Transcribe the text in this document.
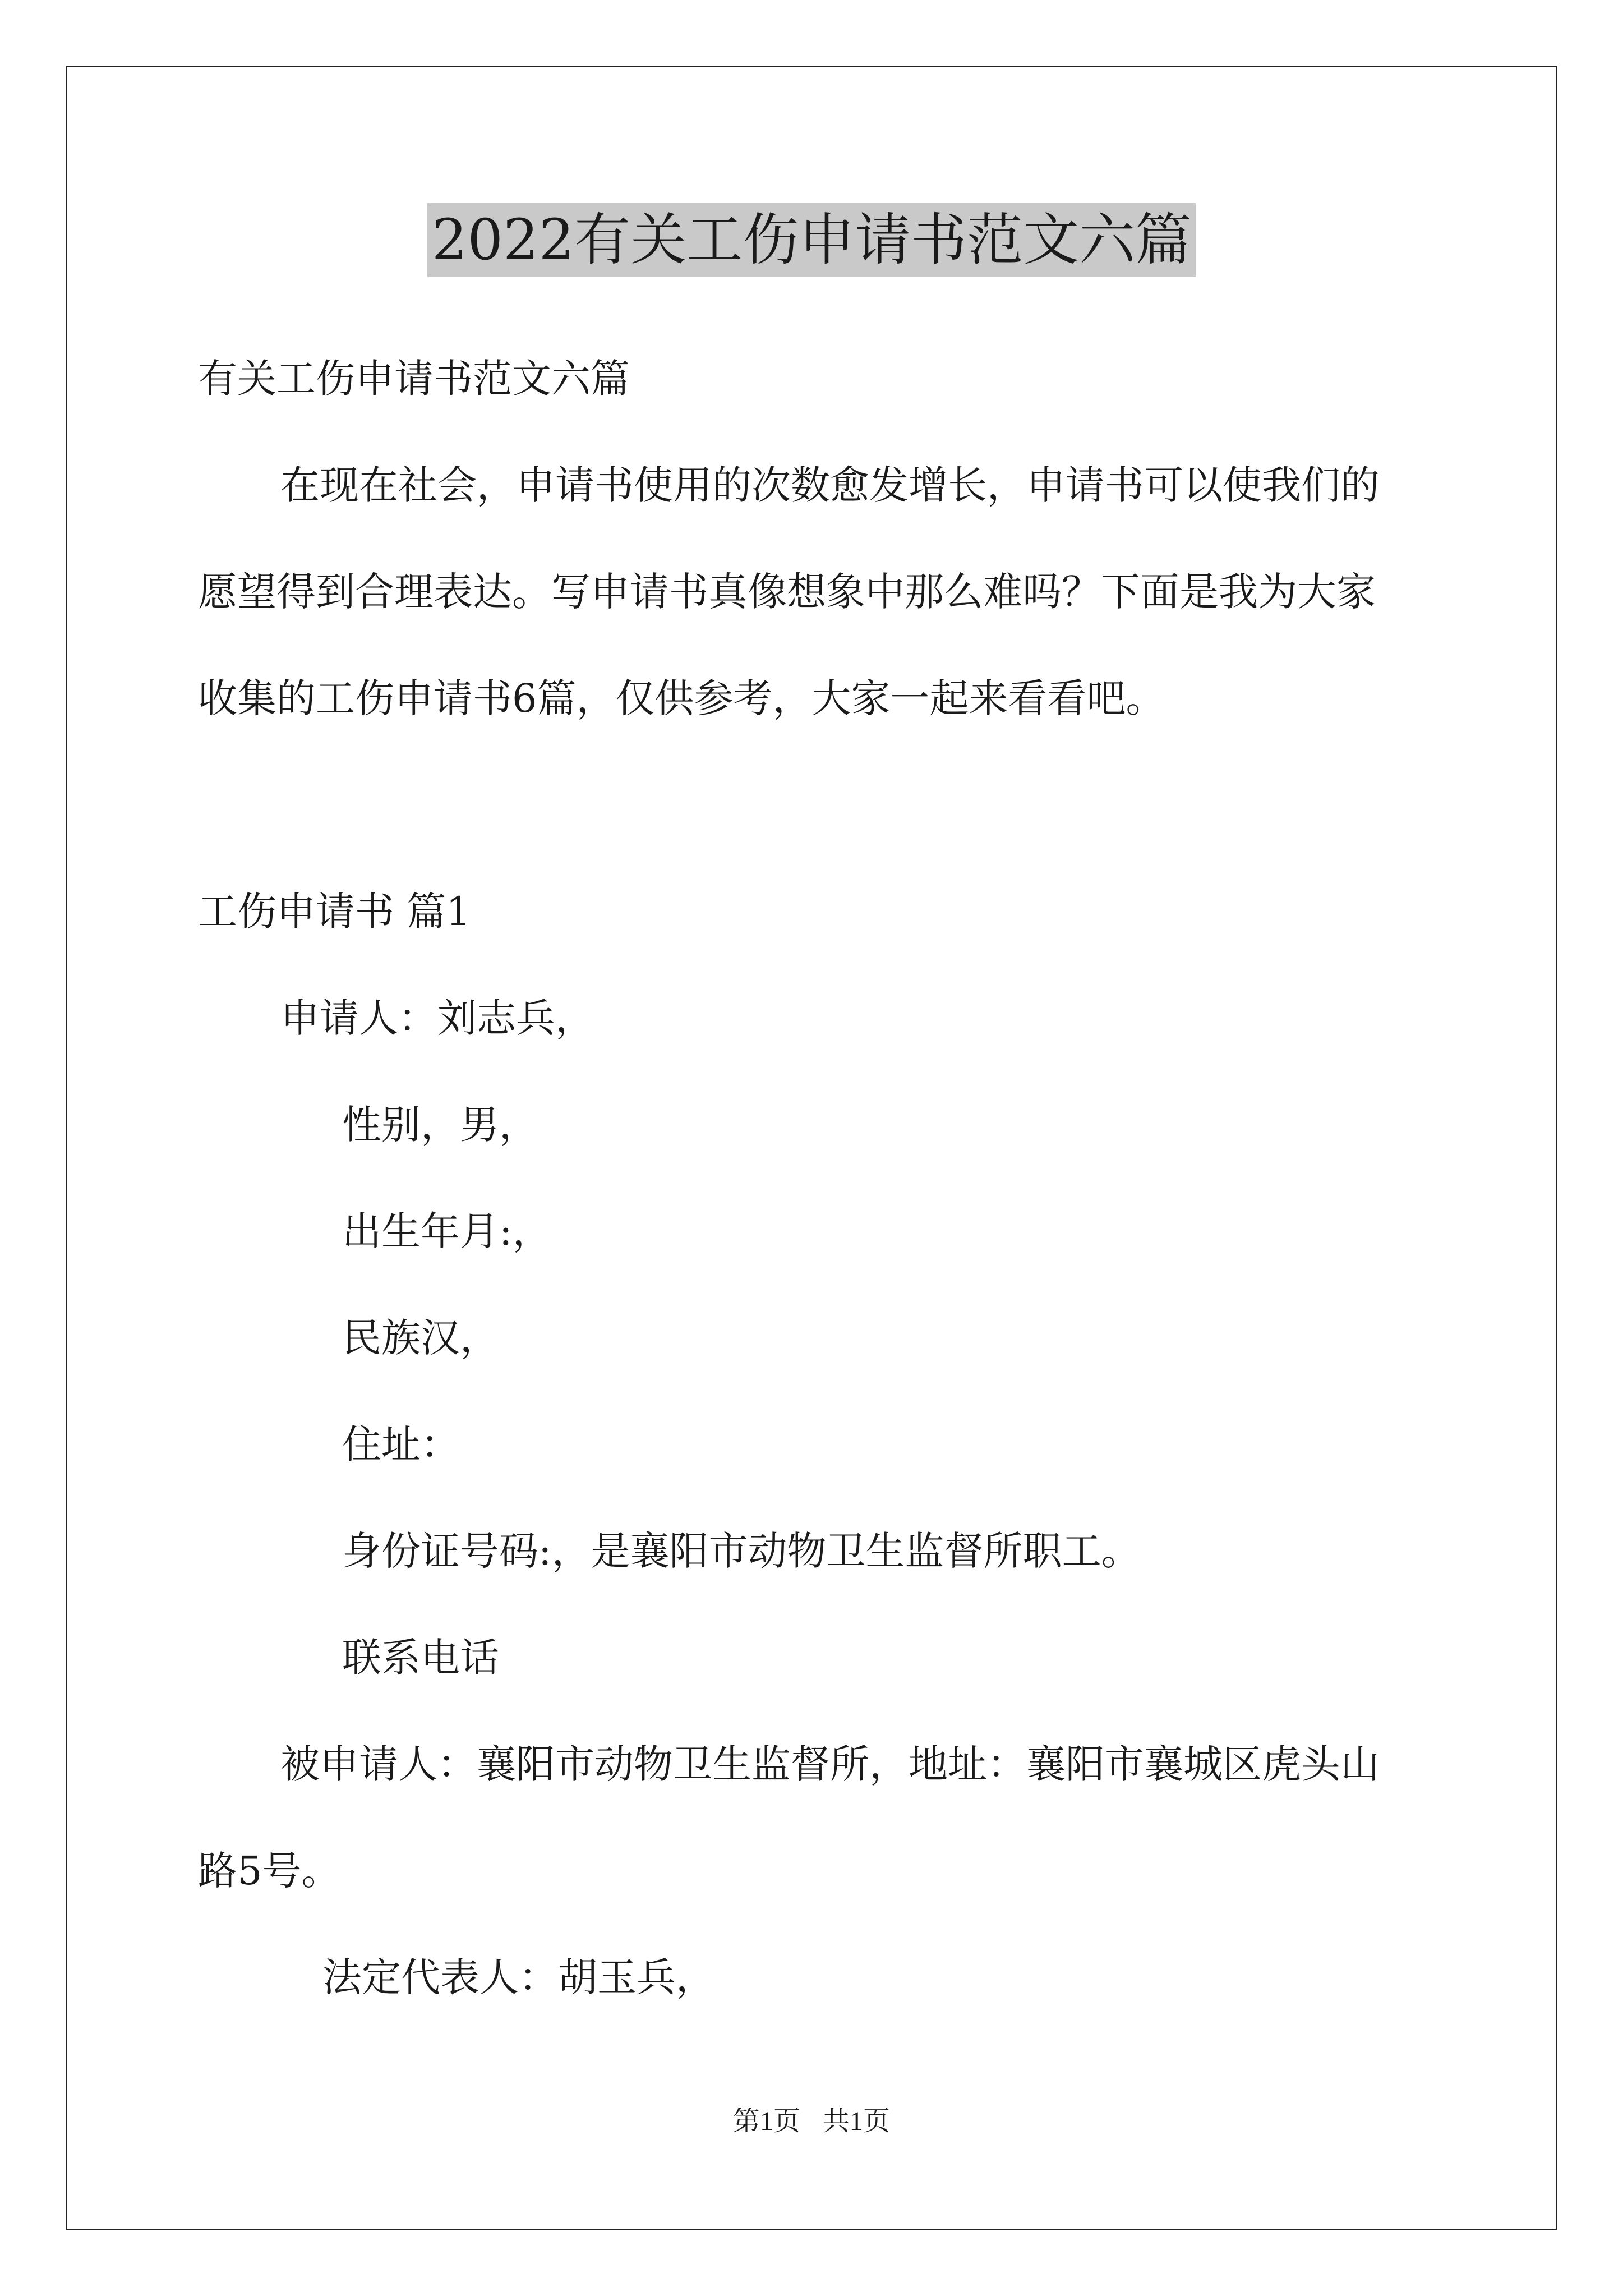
2022有关工伤申请书范文六篇
有关工伤申请书范文六篇
在现在社会，申请书使用的次数愈发增长，申请书可以使我们的
愿望得到合理表达。写申请书真像想象中那么难吗？下面是我为大家
收集的工伤申请书6篇，仅供参考，大家一起来看看吧。
工伤申请书 篇1
申请人：刘志兵，
性别，男，
出生年月:，
民族汉，
住址：
身份证号码:，是襄阳市动物卫生监督所职工。
联系电话
被申请人：襄阳市动物卫生监督所，地址：襄阳市襄城区虎头山
路5号。
法定代表人：胡玉兵，
第1页 共1页
